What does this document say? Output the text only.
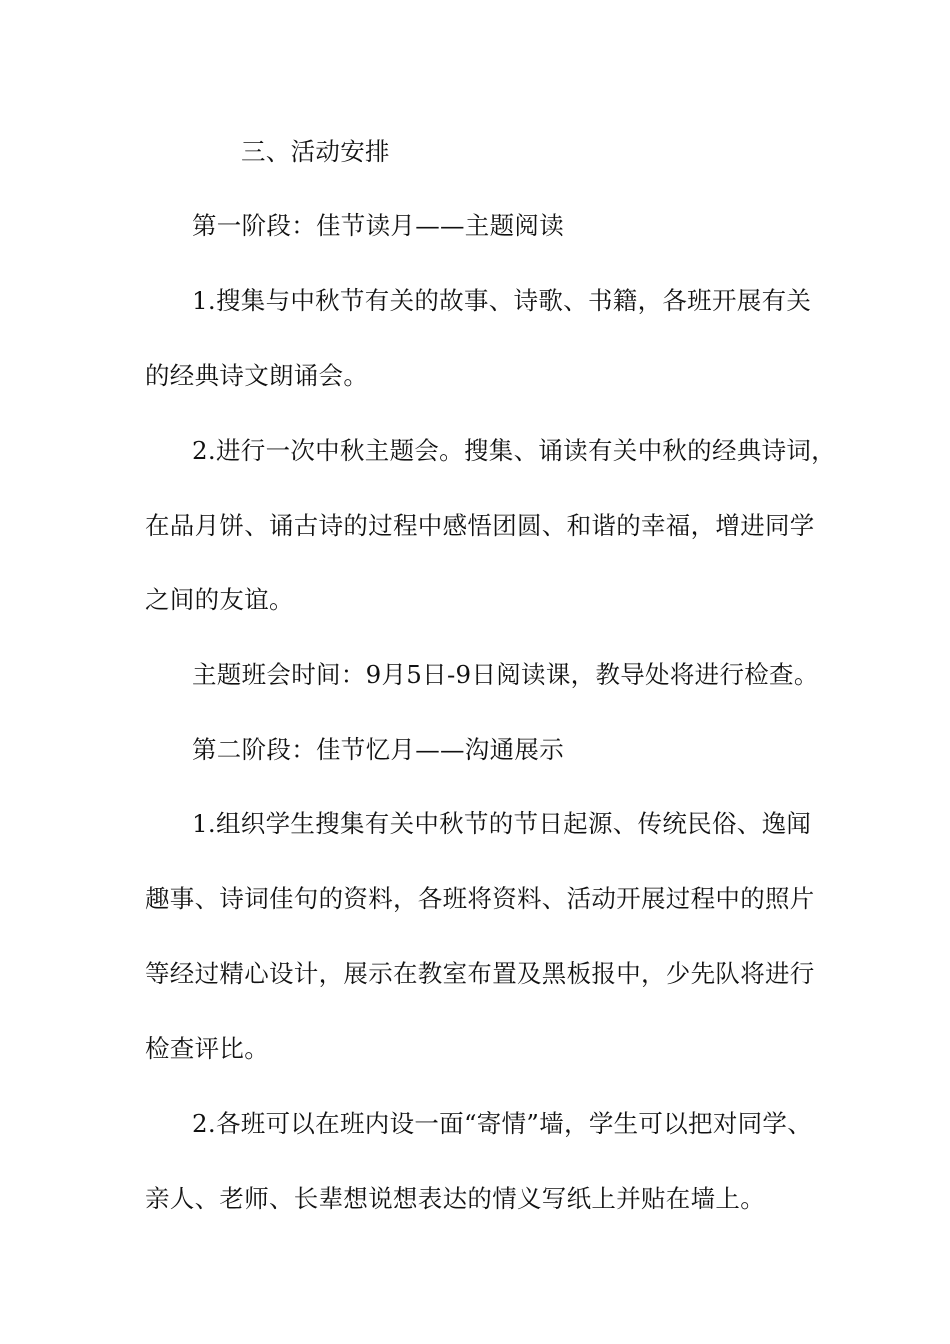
三、活动安排
第一阶段：佳节读月——主题阅读
1.搜集与中秋节有关的故事、诗歌、书籍，各班开展有关
的经典诗文朗诵会。
2.进行一次中秋主题会。搜集、诵读有关中秋的经典诗词，
在品月饼、诵古诗的过程中感悟团圆、和谐的幸福，增进同学
之间的友谊。
主题班会时间：9月5日-9日阅读课，教导处将进行检查。
第二阶段：佳节忆月——沟通展示
1.组织学生搜集有关中秋节的节日起源、传统民俗、逸闻
趣事、诗词佳句的资料，各班将资料、活动开展过程中的照片
等经过精心设计，展示在教室布置及黑板报中，少先队将进行
检查评比。
2.各班可以在班内设一面“寄情”墙，学生可以把对同学、
亲人、老师、长辈想说想表达的情义写纸上并贴在墙上。
